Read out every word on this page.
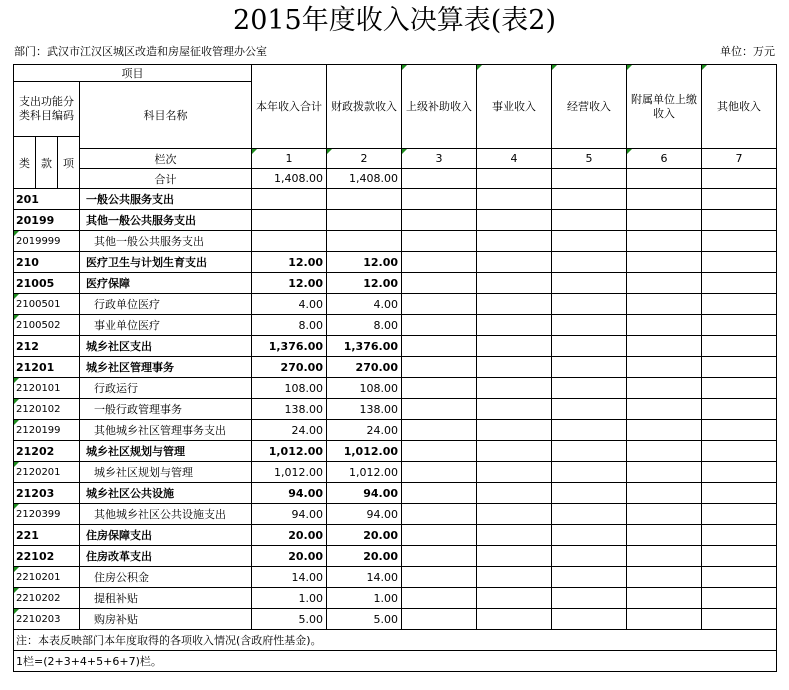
2015年度收入决算表(表2)
部门：武汉市江汉区城区改造和房屋征收管理办公室	单位：万元
项目				本年收入合计	财政拨款收入	上级补助收入	事业收入	经营收入	附属单位上缴收入	其他收入
支出功能分类科目编码			科目名称							
类	款	项								
			栏次	1	2	3	4	5	6	7
			合计	1,408.00	1,408.00					
201			一般公共服务支出							
20199			其他一般公共服务支出							
2019999			其他一般公共服务支出							
210			医疗卫生与计划生育支出	12.00	12.00					
21005			医疗保障	12.00	12.00					
2100501			行政单位医疗	4.00	4.00					
2100502			事业单位医疗	8.00	8.00					
212			城乡社区支出	1,376.00	1,376.00					
21201			城乡社区管理事务	270.00	270.00					
2120101			行政运行	108.00	108.00					
2120102			一般行政管理事务	138.00	138.00					
2120199			其他城乡社区管理事务支出	24.00	24.00					
21202			城乡社区规划与管理	1,012.00	1,012.00					
2120201			城乡社区规划与管理	1,012.00	1,012.00					
21203			城乡社区公共设施	94.00	94.00					
2120399			其他城乡社区公共设施支出	94.00	94.00					
221			住房保障支出	20.00	20.00					
22102			住房改革支出	20.00	20.00					
2210201			住房公积金	14.00	14.00					
2210202			提租补贴	1.00	1.00					
2210203			购房补贴	5.00	5.00					
注：本表反映部门本年度取得的各项收入情况(含政府性基金)。										
1栏=(2+3+4+5+6+7)栏。										
